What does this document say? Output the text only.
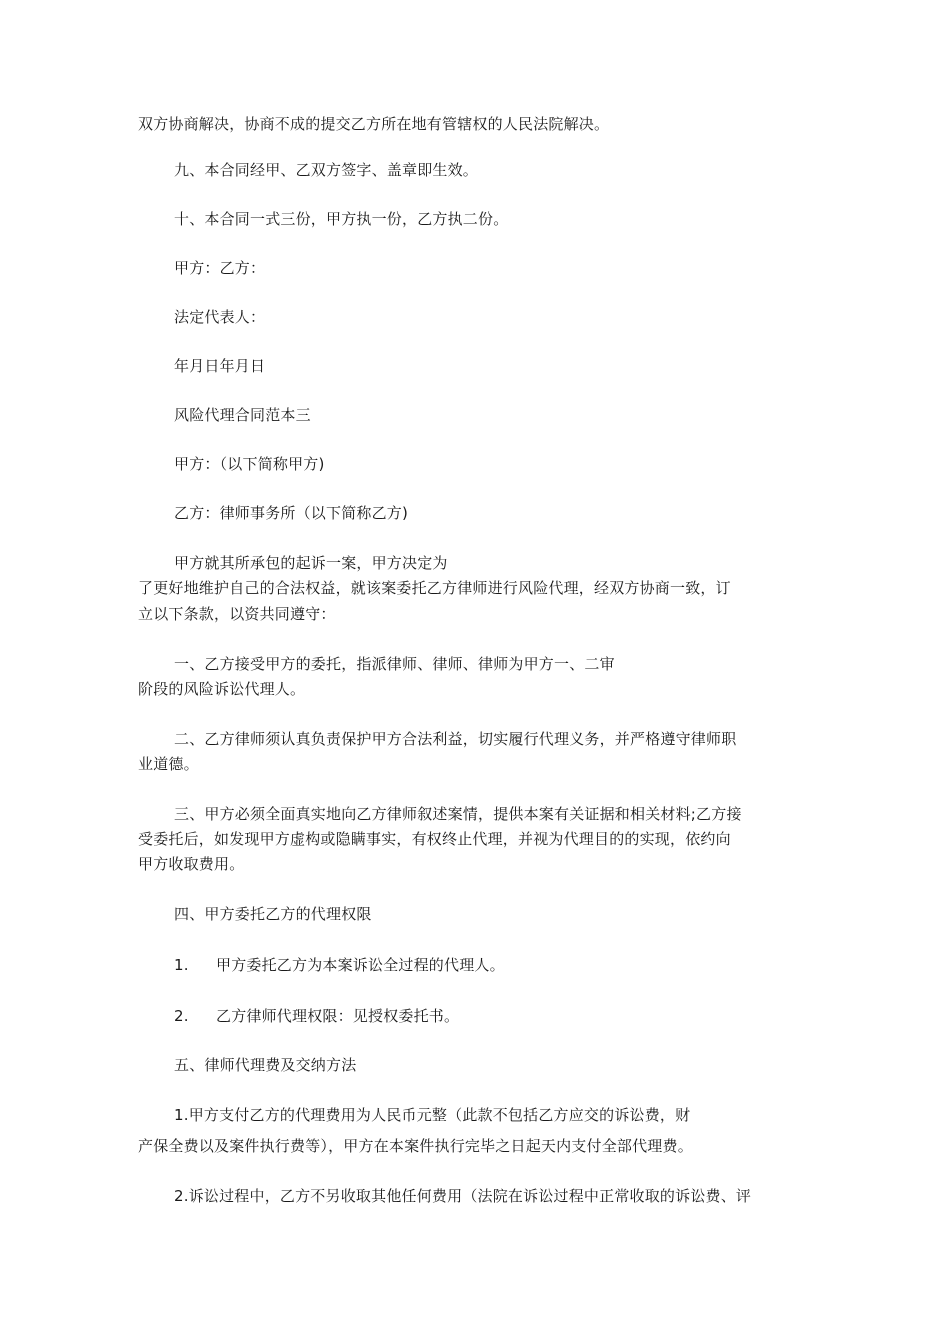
双方协商解决，协商不成的提交乙方所在地有管辖权的人民法院解决。

九、本合同经甲、乙双方签字、盖章即生效。

十、本合同一式三份，甲方执一份，乙方执二份。

甲方：乙方：

法定代表人：

年月日年月日

风险代理合同范本三

甲方：（以下简称甲方)

乙方：律师事务所（以下简称乙方)

甲方就其所承包的起诉一案，甲方决定为

了更好地维护自己的合法权益，就该案委托乙方律师进行风险代理，经双方协商一致，订

立以下条款，以资共同遵守：

一、乙方接受甲方的委托，指派律师、律师、律师为甲方一、二审

阶段的风险诉讼代理人。

二、乙方律师须认真负责保护甲方合法利益，切实履行代理义务，并严格遵守律师职

业道德。

三、甲方必须全面真实地向乙方律师叙述案情，提供本案有关证据和相关材料;乙方接

受委托后，如发现甲方虚构或隐瞒事实，有权终止代理，并视为代理目的的实现，依约向

甲方收取费用。

四、甲方委托乙方的代理权限

1. 甲方委托乙方为本案诉讼全过程的代理人。

2. 乙方律师代理权限：见授权委托书。

五、律师代理费及交纳方法

1.甲方支付乙方的代理费用为人民币元整（此款不包括乙方应交的诉讼费，财

产保全费以及案件执行费等），甲方在本案件执行完毕之日起天内支付全部代理费。

2.诉讼过程中，乙方不另收取其他任何费用（法院在诉讼过程中正常收取的诉讼费、评
